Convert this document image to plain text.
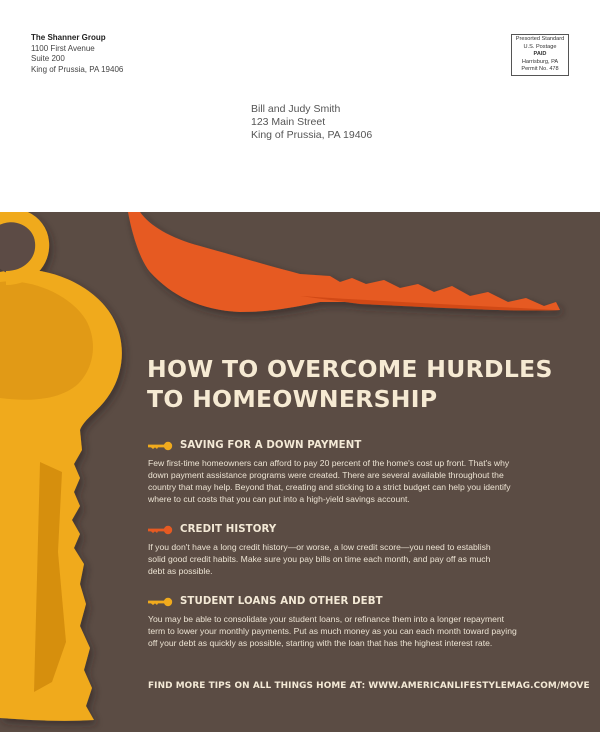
The Shanner Group
1100 First Avenue
Suite 200
King of Prussia, PA 19406
Presorted Standard
U.S. Postage
PAID
Harrisburg, PA
Permit No. 478
Bill and Judy Smith
123 Main Street
King of Prussia, PA 19406
HOW TO OVERCOME HURDLES
TO HOMEOWNERSHIP
SAVING FOR A DOWN PAYMENT
Few first-time homeowners can afford to pay 20 percent of the home's cost up front. That's why
down payment assistance programs were created. There are several available throughout the
country that may help. Beyond that, creating and sticking to a strict budget can help you identify
where to cut costs that you can put into a high-yield savings account.
CREDIT HISTORY
If you don't have a long credit history—or worse, a low credit score—you need to establish
solid good credit habits. Make sure you pay bills on time each month, and pay off as much
debt as possible.
STUDENT LOANS AND OTHER DEBT
You may be able to consolidate your student loans, or refinance them into a longer repayment
term to lower your monthly payments. Put as much money as you can each month toward paying
off your debt as quickly as possible, starting with the loan that has the highest interest rate.
FIND MORE TIPS ON ALL THINGS HOME AT: WWW.AMERICANLIFESTYLEMAG.COM/MOVE
